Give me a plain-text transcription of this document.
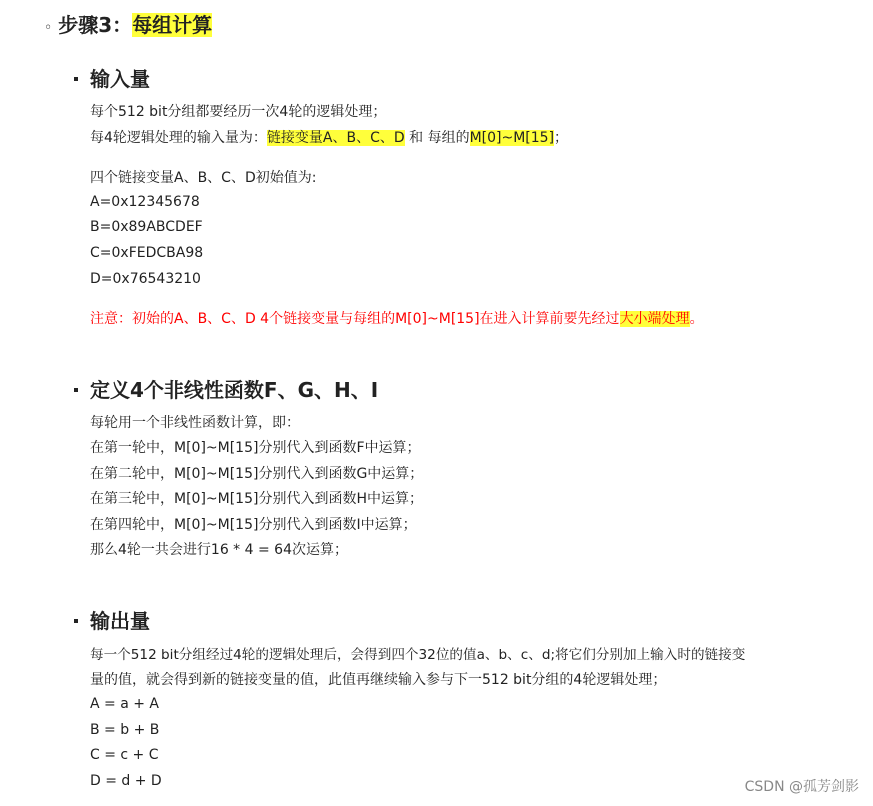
◦ 步骤3：每组计算
输入量
每个512 bit分组都要经历一次4轮的逻辑处理；
每4轮逻辑处理的输入量为：链接变量A、B、C、D 和 每组的M[0]~M[15]；
四个链接变量A、B、C、D初始值为:
A=0x12345678
B=0x89ABCDEF
C=0xFEDCBA98
D=0x76543210
注意：初始的A、B、C、D 4个链接变量与每组的M[0]~M[15]在进入计算前要先经过大小端处理。
定义4个非线性函数F、G、H、I
每轮用一个非线性函数计算，即：
在第一轮中，M[0]~M[15]分别代入到函数F中运算；
在第二轮中，M[0]~M[15]分别代入到函数G中运算；
在第三轮中，M[0]~M[15]分别代入到函数H中运算；
在第四轮中，M[0]~M[15]分别代入到函数I中运算；
那么4轮一共会进行16 * 4 = 64次运算；
输出量
每一个512 bit分组经过4轮的逻辑处理后，会得到四个32位的值a、b、c、d;将它们分别加上输入时的链接变
量的值，就会得到新的链接变量的值，此值再继续输入参与下一512 bit分组的4轮逻辑处理；
A = a + A
B = b + B
C = c + C
D = d + D	CSDN @孤芳剑影
